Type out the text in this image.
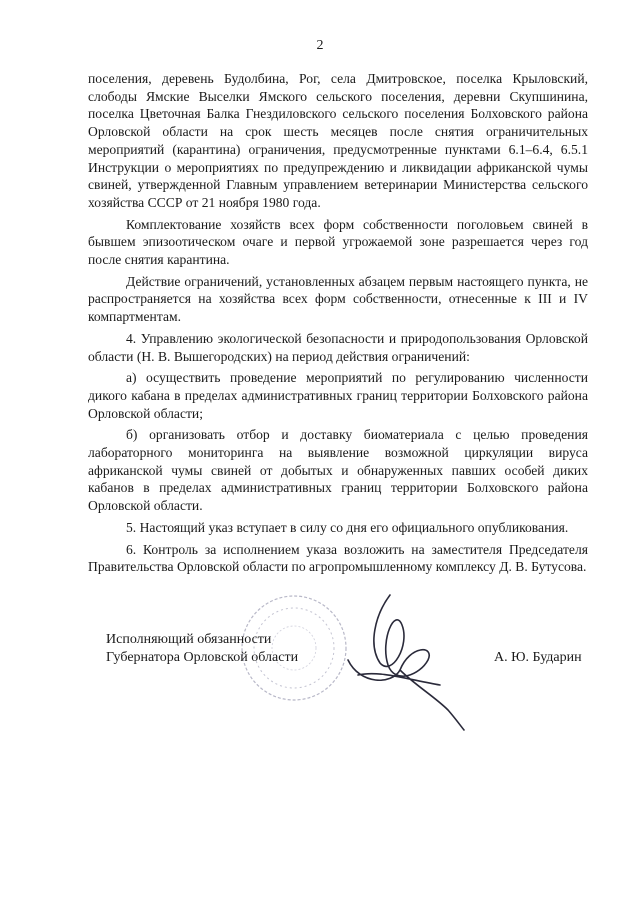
2

поселения, деревень Будолбина, Рог, села Дмитровское, поселка Крыловский, слободы Ямские Выселки Ямского сельского поселения, деревни Скупшинина, поселка Цветочная Балка Гнездиловского сельского поселения Болховского района Орловской области на срок шесть месяцев после снятия ограничительных мероприятий (карантина) ограничения, предусмотренные пунктами 6.1–6.4, 6.5.1 Инструкции о мероприятиях по предупреждению и ликвидации африканской чумы свиней, утвержденной Главным управлением ветеринарии Министерства сельского хозяйства СССР от 21 ноября 1980 года.

Комплектование хозяйств всех форм собственности поголовьем свиней в бывшем эпизоотическом очаге и первой угрожаемой зоне разрешается через год после снятия карантина.

Действие ограничений, установленных абзацем первым настоящего пункта, не распространяется на хозяйства всех форм собственности, отнесенные к III и IV компартментам.

4. Управлению экологической безопасности и природопользования Орловской области (Н. В. Вышегородских) на период действия ограничений:

а) осуществить проведение мероприятий по регулированию численности дикого кабана в пределах административных границ территории Болховского района Орловской области;

б) организовать отбор и доставку биоматериала с целью проведения лабораторного мониторинга на выявление возможной циркуляции вируса африканской чумы свиней от добытых и обнаруженных павших особей диких кабанов в пределах административных границ территории Болховского района Орловской области.

5. Настоящий указ вступает в силу со дня его официального опубликования.

6. Контроль за исполнением указа возложить на заместителя Председателя Правительства Орловской области по агропромышленному комплексу Д. В. Бутусова.

Исполняющий обязанности
Губернатора Орловской области	А. Ю. Бударин
